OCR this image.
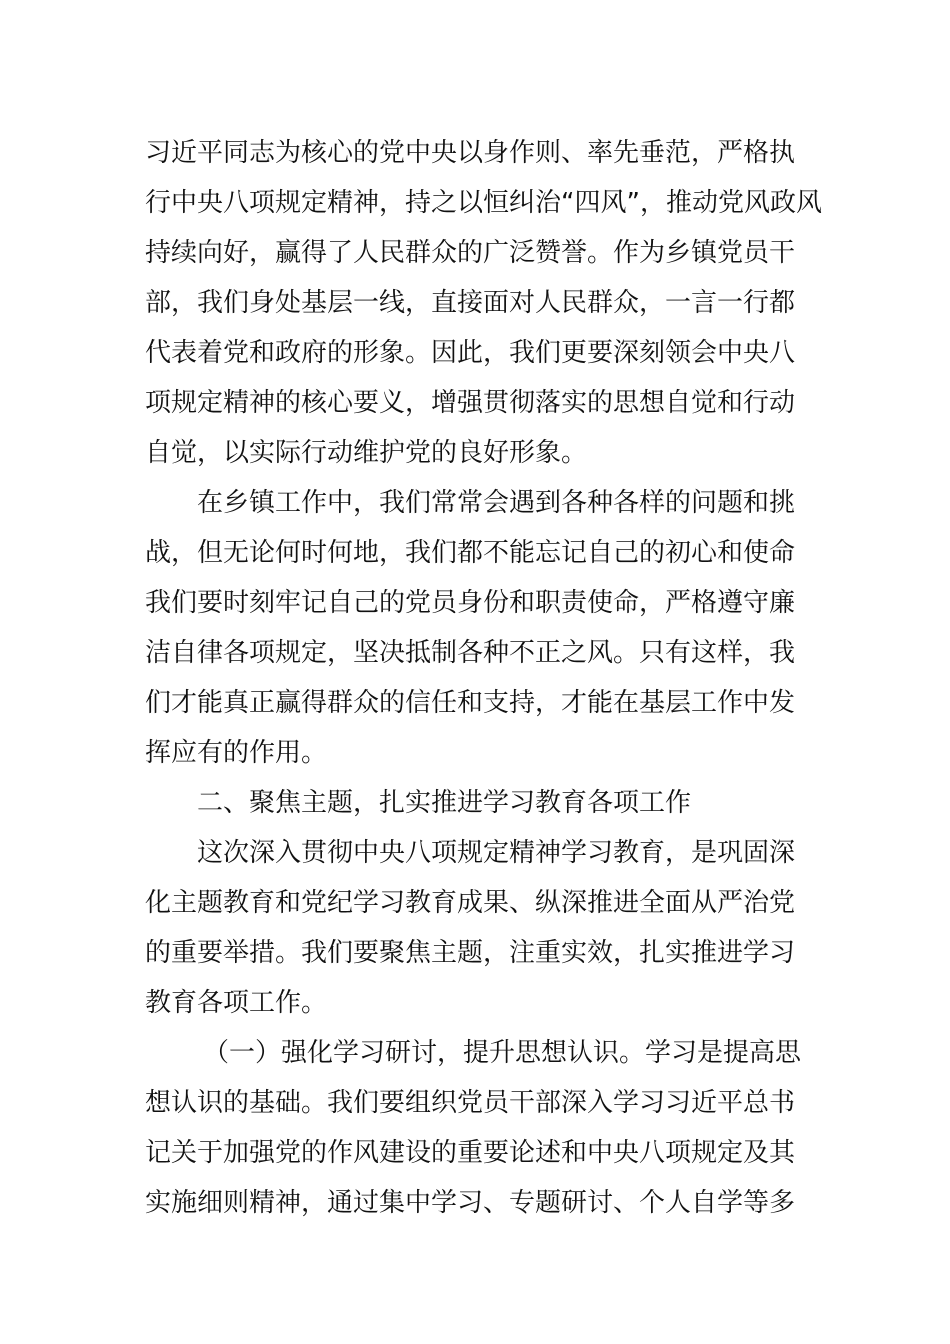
习近平同志为核心的党中央以身作则、率先垂范，严格执
行中央八项规定精神，持之以恒纠治“四风”，推动党风政风
持续向好，赢得了人民群众的广泛赞誉。作为乡镇党员干
部，我们身处基层一线，直接面对人民群众，一言一行都
代表着党和政府的形象。因此，我们更要深刻领会中央八
项规定精神的核心要义，增强贯彻落实的思想自觉和行动
自觉，以实际行动维护党的良好形象。
在乡镇工作中，我们常常会遇到各种各样的问题和挑
战，但无论何时何地，我们都不能忘记自己的初心和使命
我们要时刻牢记自己的党员身份和职责使命，严格遵守廉
洁自律各项规定，坚决抵制各种不正之风。只有这样，我
们才能真正赢得群众的信任和支持，才能在基层工作中发
挥应有的作用。
二、聚焦主题，扎实推进学习教育各项工作
这次深入贯彻中央八项规定精神学习教育，是巩固深
化主题教育和党纪学习教育成果、纵深推进全面从严治党
的重要举措。我们要聚焦主题，注重实效，扎实推进学习
教育各项工作。
（一）强化学习研讨，提升思想认识。学习是提高思
想认识的基础。我们要组织党员干部深入学习习近平总书
记关于加强党的作风建设的重要论述和中央八项规定及其
实施细则精神，通过集中学习、专题研讨、个人自学等多
